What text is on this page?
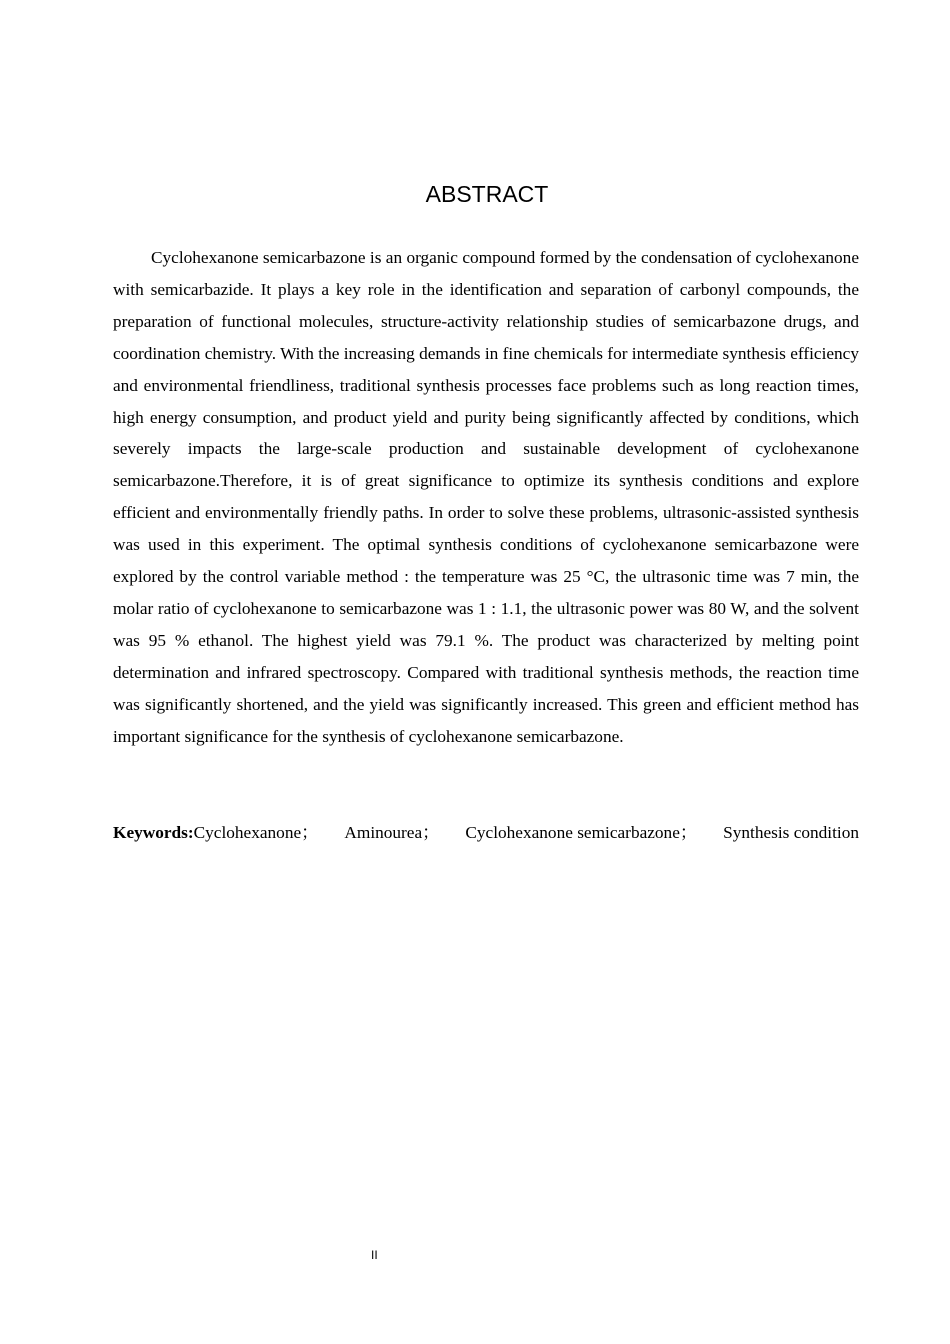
ABSTRACT

Cyclohexanone semicarbazone is an organic compound formed by the condensation of cyclohexanone with semicarbazide. It plays a key role in the identification and separation of carbonyl compounds, the preparation of functional molecules, structure-activity relationship studies of semicarbazone drugs, and coordination chemistry. With the increasing demands in fine chemicals for intermediate synthesis efficiency and environmental friendliness, traditional synthesis processes face problems such as long reaction times, high energy consumption, and product yield and purity being significantly affected by conditions, which severely impacts the large-scale production and sustainable development of cyclohexanone semicarbazone.Therefore, it is of great significance to optimize its synthesis conditions and explore efficient and environmentally friendly paths. In order to solve these problems, ultrasonic-assisted synthesis was used in this experiment. The optimal synthesis conditions of cyclohexanone semicarbazone were explored by the control variable method : the temperature was 25 °C, the ultrasonic time was 7 min, the molar ratio of cyclohexanone to semicarbazone was 1 : 1.1, the ultrasonic power was 80 W, and the solvent was 95 % ethanol. The highest yield was 79.1 %. The product was characterized by melting point determination and infrared spectroscopy. Compared with traditional synthesis methods, the reaction time was significantly shortened, and the yield was significantly increased. This green and efficient method has important significance for the synthesis of cyclohexanone semicarbazone.

Keywords:Cyclohexanone； Aminourea； Cyclohexanone semicarbazone； Synthesis condition
II
